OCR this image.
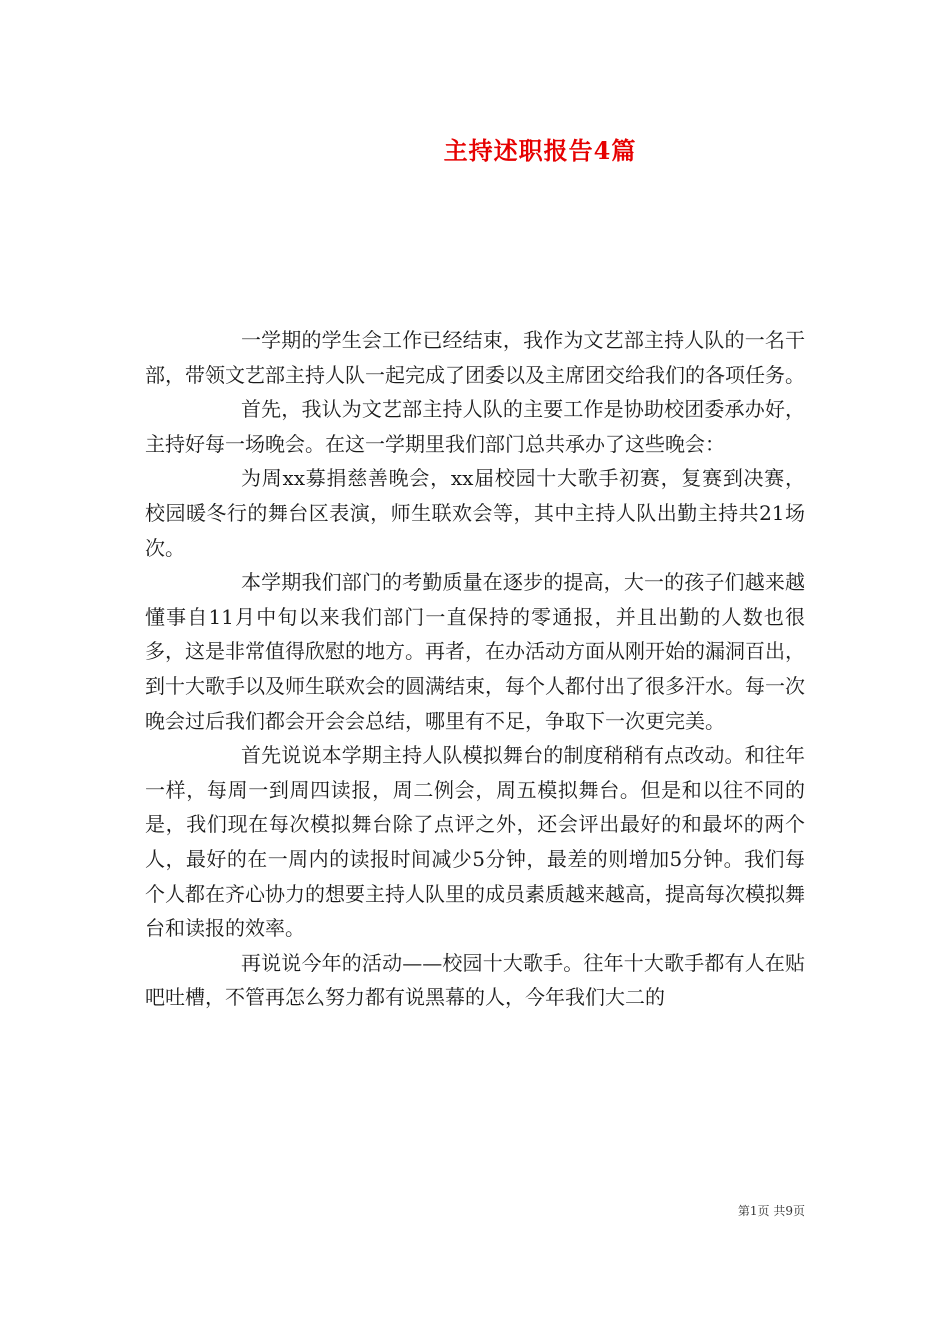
主持述职报告4篇

一学期的学生会工作已经结束，我作为文艺部主持人队的一名干部，带领文艺部主持人队一起完成了团委以及主席团交给我们的各项任务。

首先，我认为文艺部主持人队的主要工作是协助校团委承办好，主持好每一场晚会。在这一学期里我们部门总共承办了这些晚会：

为周xx募捐慈善晚会，xx届校园十大歌手初赛，复赛到决赛，校园暖冬行的舞台区表演，师生联欢会等，其中主持人队出勤主持共21场次。

本学期我们部门的考勤质量在逐步的提高，大一的孩子们越来越懂事自11月中旬以来我们部门一直保持的零通报，并且出勤的人数也很多，这是非常值得欣慰的地方。再者，在办活动方面从刚开始的漏洞百出，到十大歌手以及师生联欢会的圆满结束，每个人都付出了很多汗水。每一次晚会过后我们都会开会会总结，哪里有不足，争取下一次更完美。

首先说说本学期主持人队模拟舞台的制度稍稍有点改动。和往年一样，每周一到周四读报，周二例会，周五模拟舞台。但是和以往不同的是，我们现在每次模拟舞台除了点评之外，还会评出最好的和最坏的两个人，最好的在一周内的读报时间减少5分钟，最差的则增加5分钟。我们每个人都在齐心协力的想要主持人队里的成员素质越来越高，提高每次模拟舞台和读报的效率。

再说说今年的活动——校园十大歌手。往年十大歌手都有人在贴吧吐槽，不管再怎么努力都有说黑幕的人，今年我们大二的

第1页 共9页
